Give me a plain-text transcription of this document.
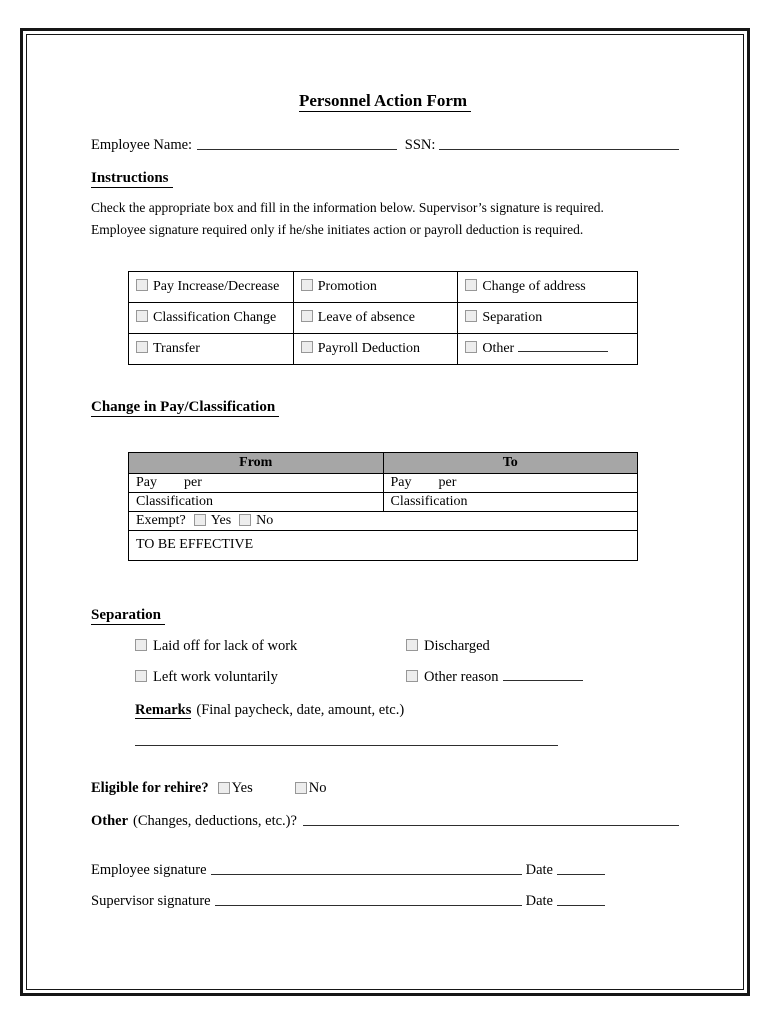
Personnel Action Form
Employee Name:	SSN:
Instructions
Check the appropriate box and fill in the information below. Supervisor’s signature is required.
Employee signature required only if he/she initiates action or payroll deduction is required.
Pay Increase/Decrease	Promotion	Change of address
Classification Change	Leave of absence	Separation
Transfer	Payroll Deduction	Other
Change in Pay/Classification
From	To
Pay per	Pay per
Classification	Classification
Exempt? Yes No	
TO BE EFFECTIVE	
Separation
Laid off for lack of work	Discharged
Left work voluntarily	Other reason
Remarks (Final paycheck, date, amount, etc.)
Eligible for rehire? Yes	No
Other (Changes, deductions, etc.)?
Employee signature	Date
Supervisor signature	Date
